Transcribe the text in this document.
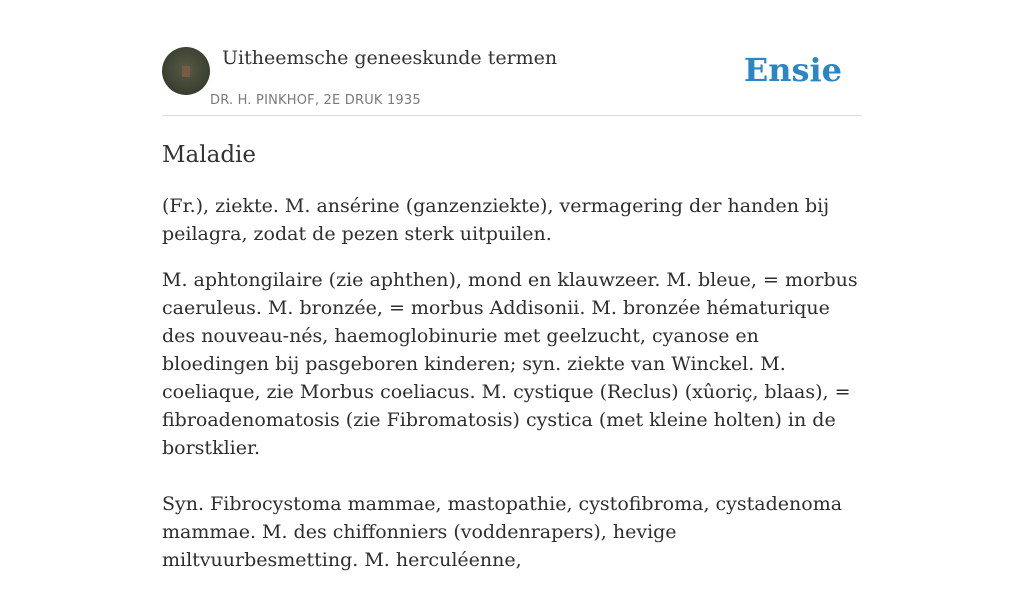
Uitheemsche geneeskunde termen
DR. H. PINKHOF, 2E DRUK 1935
Ensie
Maladie

(Fr.), ziekte. M. ansérine (ganzenziekte), vermagering der handen bij peilagra, zodat de pezen sterk uitpuilen.

M. aphtongilaire (zie aphthen), mond en klauwzeer. M. bleue, = morbus caeruleus. M. bronzée, = morbus Addisonii. M. bronzée hématurique des nouveau-nés, haemoglobinurie met geelzucht, cyanose en bloedingen bij pasgeboren kinderen; syn. ziekte van Winckel. M. coeliaque, zie Morbus coeliacus. M. cystique (Reclus) (xûoriç, blaas), = fibroadenomatosis (zie Fibromatosis) cystica (met kleine holten) in de borstklier.

Syn. Fibrocystoma mammae, mastopathie, cystofibroma, cystadenoma mammae. M. des chiffonniers (voddenrapers), hevige miltvuurbesmetting. M. herculéenne,
